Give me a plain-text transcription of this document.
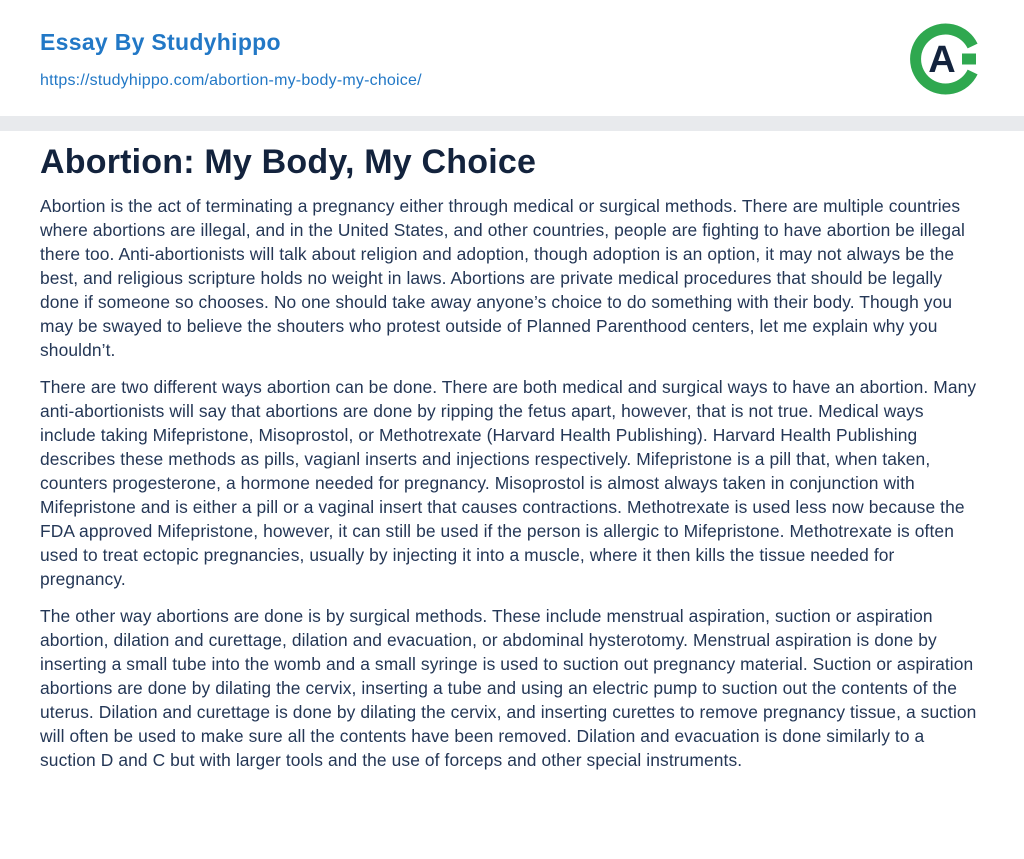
Essay By Studyhippo
https://studyhippo.com/abortion-my-body-my-choice/	A
Abortion: My Body, My Choice

Abortion is the act of terminating a pregnancy either through medical or surgical methods. There are multiple countries where abortions are illegal, and in the United States, and other countries, people are fighting to have abortion be illegal there too. Anti-abortionists will talk about religion and adoption, though adoption is an option, it may not always be the best, and religious scripture holds no weight in laws. Abortions are private medical procedures that should be legally done if someone so chooses. No one should take away anyone’s choice to do something with their body. Though you may be swayed to believe the shouters who protest outside of Planned Parenthood centers, let me explain why you shouldn’t.

There are two different ways abortion can be done. There are both medical and surgical ways to have an abortion. Many anti-abortionists will say that abortions are done by ripping the fetus apart, however, that is not true. Medical ways include taking Mifepristone, Misoprostol, or Methotrexate (Harvard Health Publishing). Harvard Health Publishing describes these methods as pills, vagianl inserts and injections respectively. Mifepristone is a pill that, when taken, counters progesterone, a hormone needed for pregnancy. Misoprostol is almost always taken in conjunction with Mifepristone and is either a pill or a vaginal insert that causes contractions. Methotrexate is used less now because the FDA approved Mifepristone, however, it can still be used if the person is allergic to Mifepristone. Methotrexate is often used to treat ectopic pregnancies, usually by injecting it into a muscle, where it then kills the tissue needed for pregnancy.

The other way abortions are done is by surgical methods. These include menstrual aspiration, suction or aspiration abortion, dilation and curettage, dilation and evacuation, or abdominal hysterotomy. Menstrual aspiration is done by inserting a small tube into the womb and a small syringe is used to suction out pregnancy material. Suction or aspiration abortions are done by dilating the cervix, inserting a tube and using an electric pump to suction out the contents of the uterus. Dilation and curettage is done by dilating the cervix, and inserting curettes to remove pregnancy tissue, a suction will often be used to make sure all the contents have been removed. Dilation and evacuation is done similarly to a suction D and C but with larger tools and the use of forceps and other special instruments.
